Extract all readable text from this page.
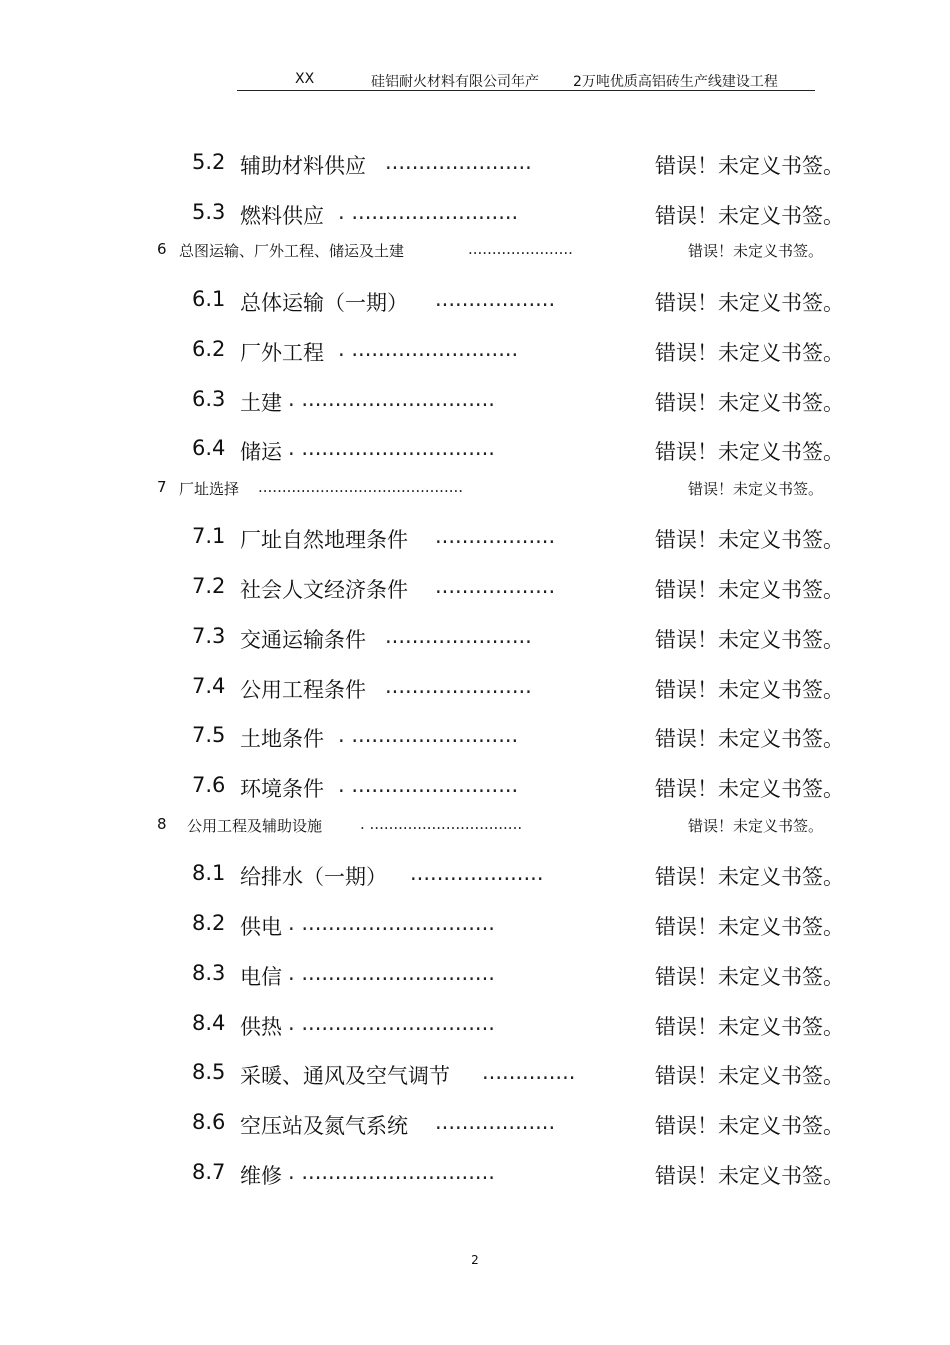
XX	硅铝耐火材料有限公司年产 2万吨优质高铝砖生产线建设工程
5.2 辅助材料供应 ......................	错误！未定义书签。
5.3 燃料供应 . .........................	错误！未定义书签。
6 总图运输、厂外工程、储运及土建	......................	错误！未定义书签。
6.1 总体运输（一期） ..................	错误！未定义书签。
6.2 厂外工程 . .........................	错误！未定义书签。
6.3 土建 . .............................	错误！未定义书签。
6.4 储运 . .............................	错误！未定义书签。
7 厂址选择 ...........................................	错误！未定义书签。
7.1 厂址自然地理条件 ..................	错误！未定义书签。
7.2 社会人文经济条件 ..................	错误！未定义书签。
7.3 交通运输条件 ......................	错误！未定义书签。
7.4 公用工程条件 ......................	错误！未定义书签。
7.5 土地条件 . .........................	错误！未定义书签。
7.6 环境条件 . .........................	错误！未定义书签。
8 公用工程及辅助设施	. ................................	错误！未定义书签。
8.1 给排水（一期） ....................	错误！未定义书签。
8.2 供电 . .............................	错误！未定义书签。
8.3 电信 . .............................	错误！未定义书签。
8.4 供热 . .............................	错误！未定义书签。
8.5 采暖、通风及空气调节 ..............	错误！未定义书签。
8.6 空压站及氮气系统 ..................	错误！未定义书签。
8.7 维修 . .............................	错误！未定义书签。
2
